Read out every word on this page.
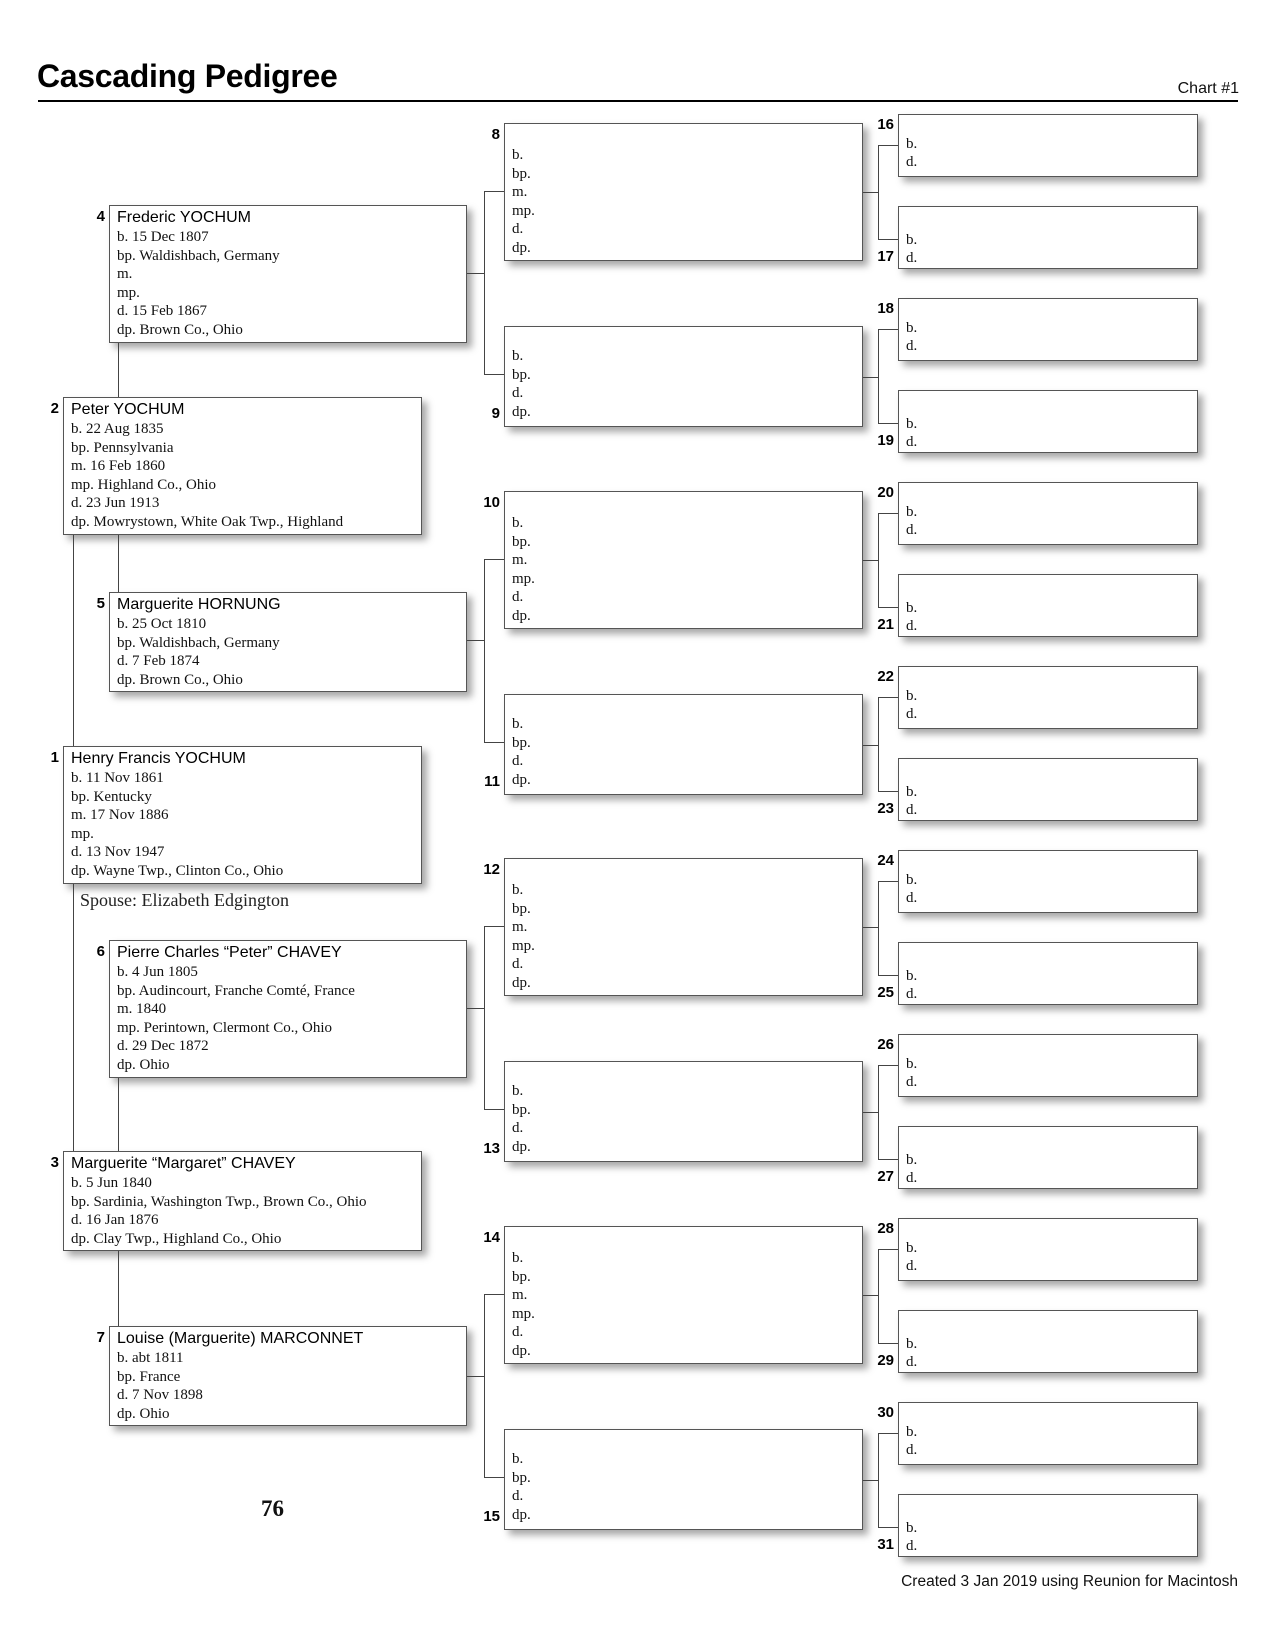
Cascading Pedigree	Chart #1
Frederic YOCHUM
b. 15 Dec 1807
bp. Waldishbach, Germany
m.
mp.
d. 15 Feb 1867
dp. Brown Co., Ohio
4
Marguerite HORNUNG
b. 25 Oct 1810
bp. Waldishbach, Germany
d. 7 Feb 1874
dp. Brown Co., Ohio
5
Pierre Charles “Peter” CHAVEY
b. 4 Jun 1805
bp. Audincourt, Franche Comté, France
m. 1840
mp. Perintown, Clermont Co., Ohio
d. 29 Dec 1872
dp. Ohio
6
Louise (Marguerite) MARCONNET
b. abt 1811
bp. France
d. 7 Nov 1898
dp. Ohio
7
Peter YOCHUM
b. 22 Aug 1835
bp. Pennsylvania
m. 16 Feb 1860
mp. Highland Co., Ohio
d. 23 Jun 1913
dp. Mowrystown, White Oak Twp., Highland
2
Marguerite “Margaret” CHAVEY
b. 5 Jun 1840
bp. Sardinia, Washington Twp., Brown Co., Ohio
d. 16 Jan 1876
dp. Clay Twp., Highland Co., Ohio
3
Henry Francis YOCHUM
b. 11 Nov 1861
bp. Kentucky
m. 17 Nov 1886
mp.
d. 13 Nov 1947
dp. Wayne Twp., Clinton Co., Ohio
1
Spouse: Elizabeth Edgington
b.
bp.
m.
mp.
d.
dp.
8
b.
bp.
d.
dp.
9
b.
bp.
m.
mp.
d.
dp.
10
b.
bp.
d.
dp.
11
b.
bp.
m.
mp.
d.
dp.
12
b.
bp.
d.
dp.
13
b.
bp.
m.
mp.
d.
dp.
14
b.
bp.
d.
dp.
15
b.
d.
16
b.
d.
17
b.
d.
18
b.
d.
19
b.
d.
20
b.
d.
21
b.
d.
22
b.
d.
23
b.
d.
24
b.
d.
25
b.
d.
26
b.
d.
27
b.
d.
28
b.
d.
29
b.
d.
30
b.
d.
31
76
Created 3 Jan 2019 using Reunion for Macintosh
